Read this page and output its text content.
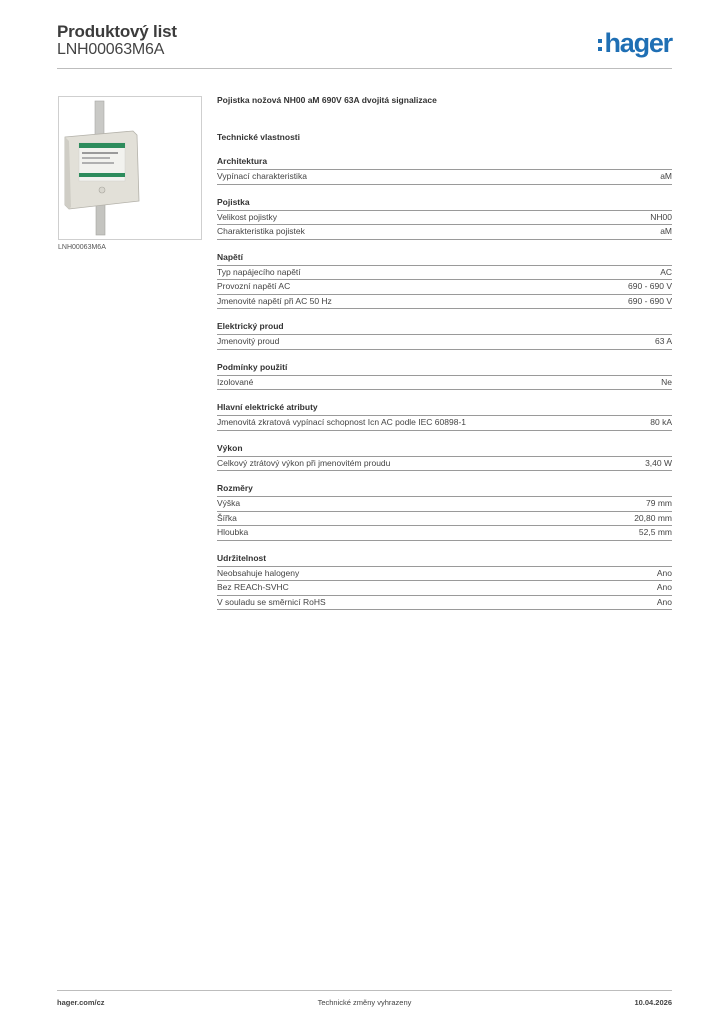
Produktový list
LNH00063M6A	hager
LNH00063M6A
Pojistka nožová NH00 aM 690V 63A dvojitá signalizace
Technické vlastnosti
Architektura
Vypínací charakteristika	aM
Pojistka
Velikost pojistky	NH00
Charakteristika pojistek	aM
Napětí
Typ napájecího napětí	AC
Provozní napětí AC	690 - 690 V
Jmenovité napětí při AC 50 Hz	690 - 690 V
Elektrický proud
Jmenovitý proud	63 A
Podmínky použití
Izolované	Ne
Hlavní elektrické atributy
Jmenovitá zkratová vypínací schopnost Icn AC podle IEC 60898-1	80 kA
Výkon
Celkový ztrátový výkon při jmenovitém proudu	3,40 W
Rozměry
Výška	79 mm
Šířka	20,80 mm
Hloubka	52,5 mm
Udržitelnost
Neobsahuje halogeny	Ano
Bez REACh-SVHC	Ano
V souladu se směrnicí RoHS	Ano
hager.com/cz	Technické změny vyhrazeny	10.04.2026
